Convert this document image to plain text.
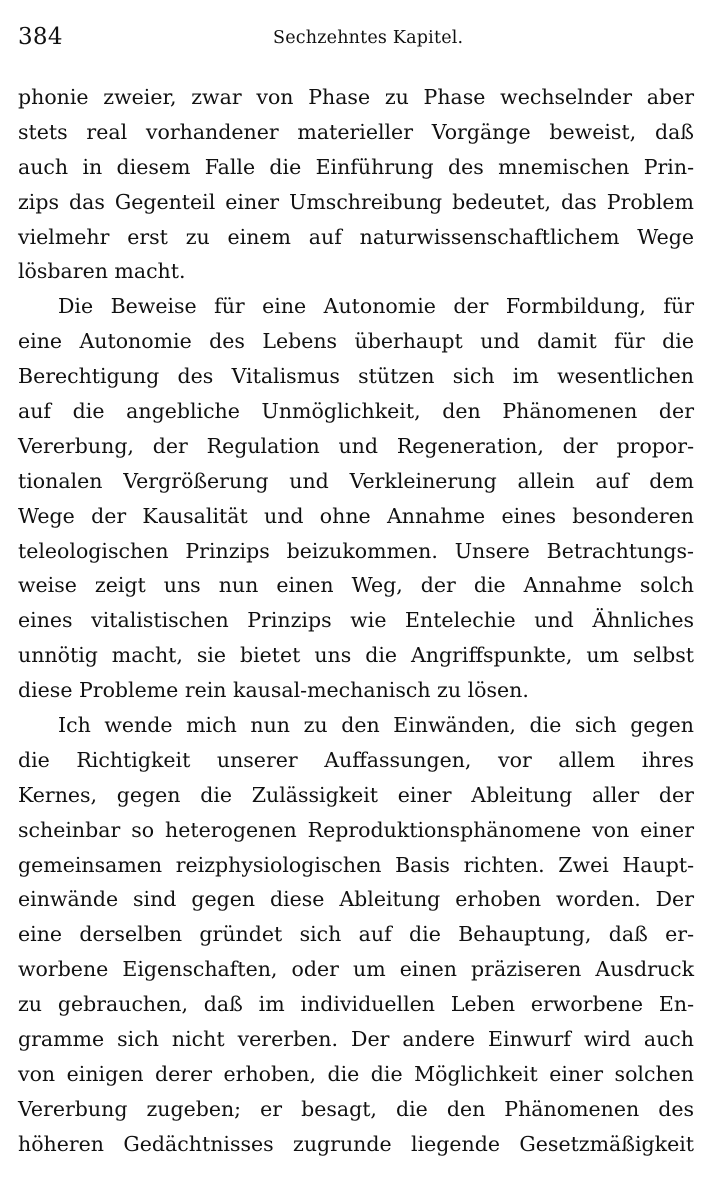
384	Sechzehntes Kapitel.
phonie zweier, zwar von Phase zu Phase wechselnder aber
stets real vorhandener materieller Vorgänge beweist, daß
auch in diesem Falle die Einführung des mnemischen Prin-
zips das Gegenteil einer Umschreibung bedeutet, das Problem
vielmehr erst zu einem auf naturwissenschaftlichem Wege
lösbaren macht.
Die Beweise für eine Autonomie der Formbildung, für
eine Autonomie des Lebens überhaupt und damit für die
Berechtigung des Vitalismus stützen sich im wesentlichen
auf die angebliche Unmöglichkeit, den Phänomenen der
Vererbung, der Regulation und Regeneration, der propor-
tionalen Vergrößerung und Verkleinerung allein auf dem
Wege der Kausalität und ohne Annahme eines besonderen
teleologischen Prinzips beizukommen. Unsere Betrachtungs-
weise zeigt uns nun einen Weg, der die Annahme solch
eines vitalistischen Prinzips wie Entelechie und Ähnliches
unnötig macht, sie bietet uns die Angriffspunkte, um selbst
diese Probleme rein kausal-mechanisch zu lösen.
Ich wende mich nun zu den Einwänden, die sich gegen
die Richtigkeit unserer Auffassungen, vor allem ihres
Kernes, gegen die Zulässigkeit einer Ableitung aller der
scheinbar so heterogenen Reproduktionsphänomene von einer
gemeinsamen reizphysiologischen Basis richten. Zwei Haupt-
einwände sind gegen diese Ableitung erhoben worden. Der
eine derselben gründet sich auf die Behauptung, daß er-
worbene Eigenschaften, oder um einen präziseren Ausdruck
zu gebrauchen, daß im individuellen Leben erworbene En-
gramme sich nicht vererben. Der andere Einwurf wird auch
von einigen derer erhoben, die die Möglichkeit einer solchen
Vererbung zugeben; er besagt, die den Phänomenen des
höheren Gedächtnisses zugrunde liegende Gesetzmäßigkeit
